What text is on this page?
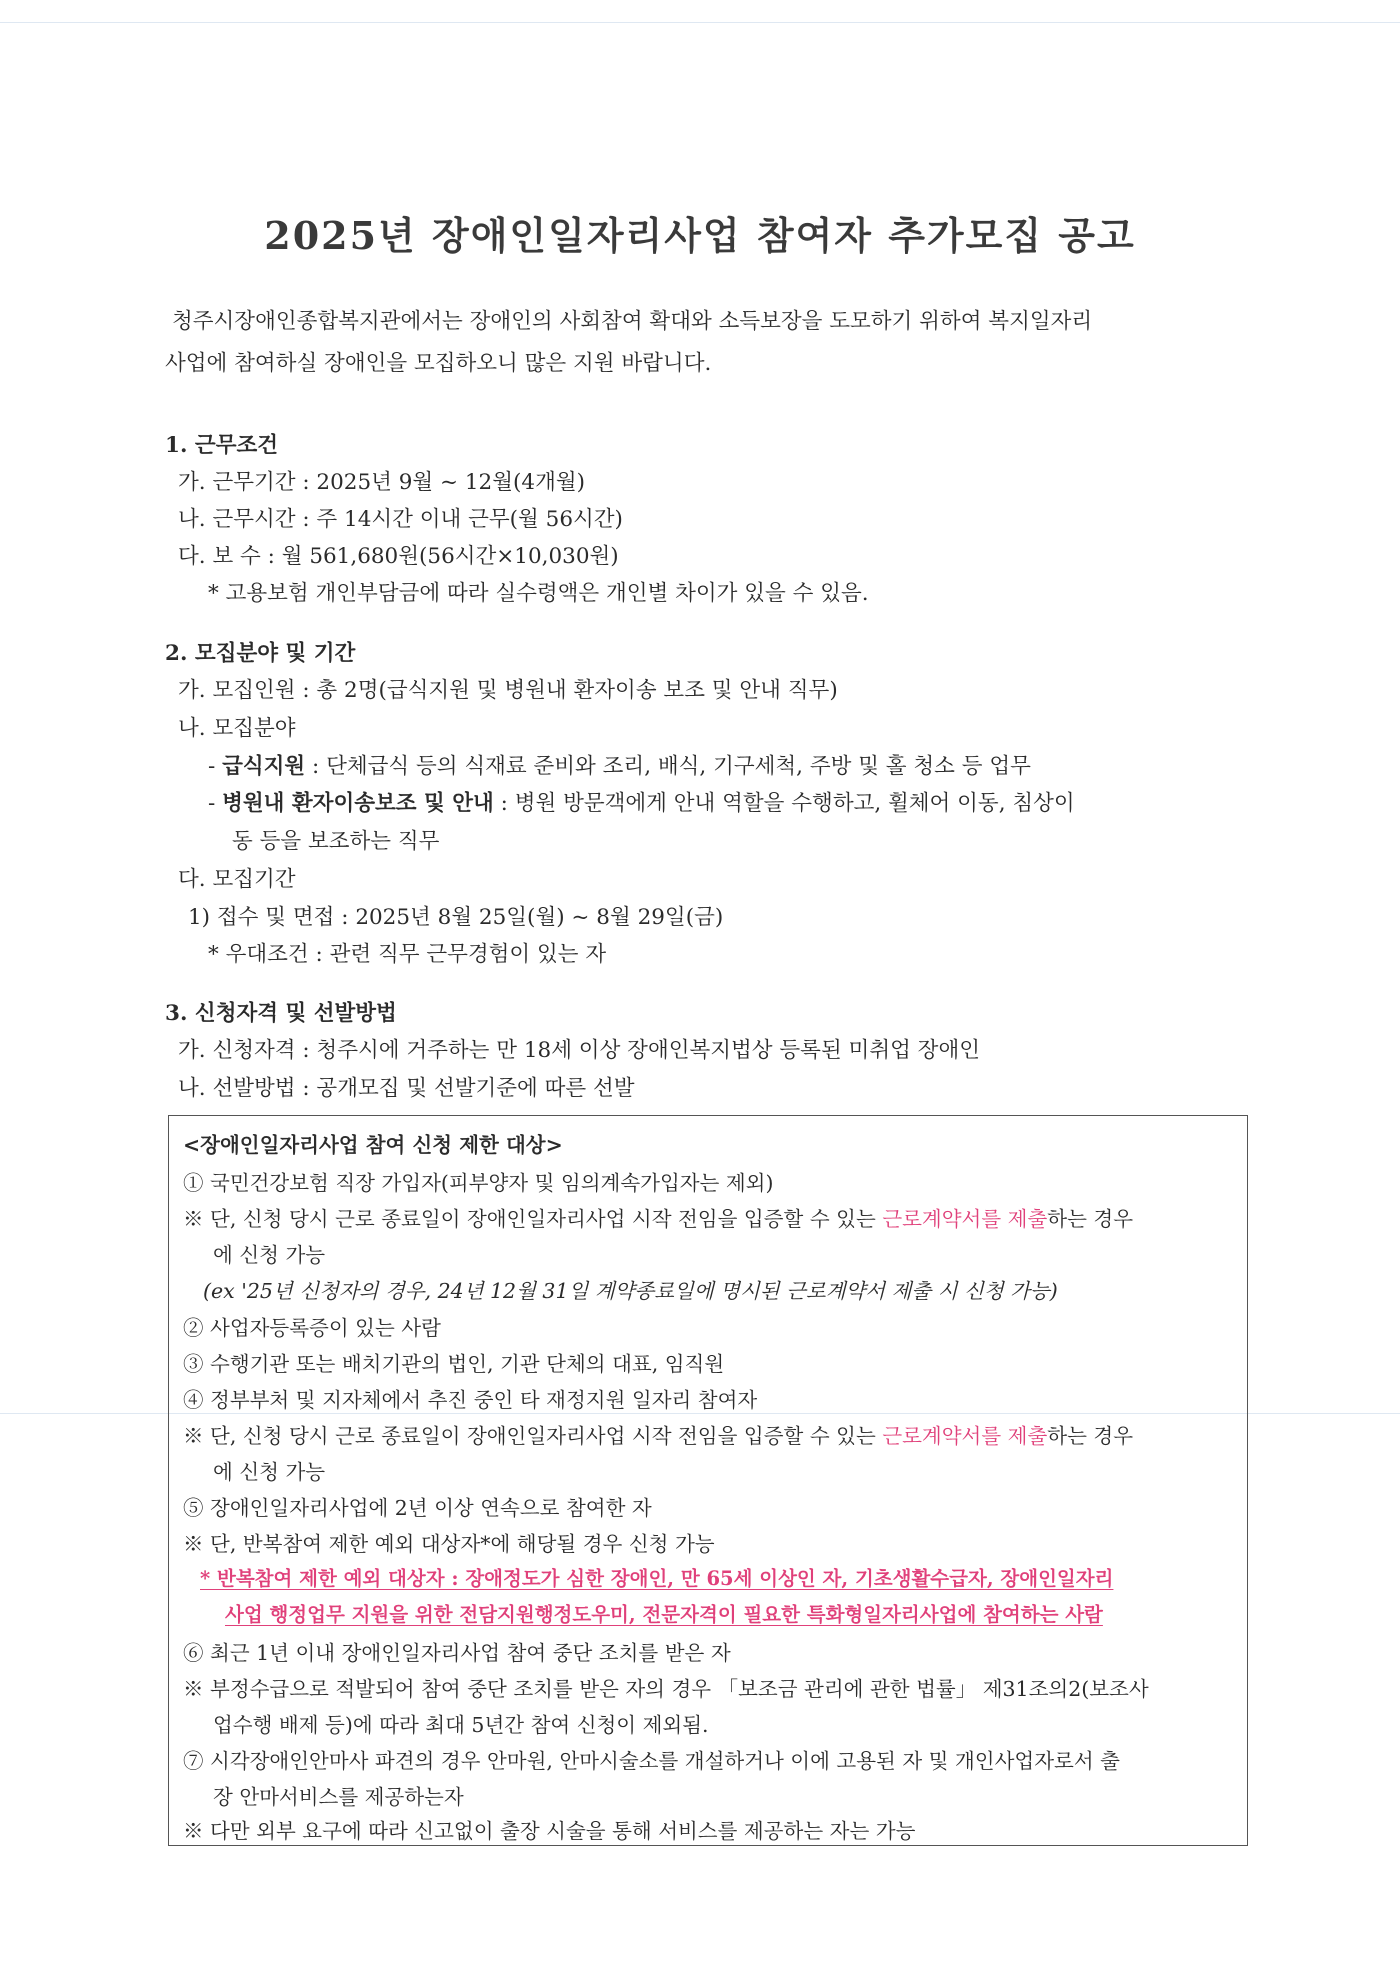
2025년 장애인일자리사업 참여자 추가모집 공고

청주시장애인종합복지관에서는 장애인의 사회참여 확대와 소득보장을 도모하기 위하여 복지일자리

사업에 참여하실 장애인을 모집하오니 많은 지원 바랍니다.

1. 근무조건

가. 근무기간 : 2025년 9월 ~ 12월(4개월)

나. 근무시간 : 주 14시간 이내 근무(월 56시간)

다. 보 수 : 월 561,680원(56시간×10,030원)

* 고용보험 개인부담금에 따라 실수령액은 개인별 차이가 있을 수 있음.

2. 모집분야 및 기간

가. 모집인원 : 총 2명(급식지원 및 병원내 환자이송 보조 및 안내 직무)

나. 모집분야

- 급식지원 : 단체급식 등의 식재료 준비와 조리, 배식, 기구세척, 주방 및 홀 청소 등 업무

- 병원내 환자이송보조 및 안내 : 병원 방문객에게 안내 역할을 수행하고, 휠체어 이동, 침상이

동 등을 보조하는 직무

다. 모집기간

1) 접수 및 면접 : 2025년 8월 25일(월) ~ 8월 29일(금)

* 우대조건 : 관련 직무 근무경험이 있는 자

3. 신청자격 및 선발방법

가. 신청자격 : 청주시에 거주하는 만 18세 이상 장애인복지법상 등록된 미취업 장애인

나. 선발방법 : 공개모집 및 선발기준에 따른 선발

<장애인일자리사업 참여 신청 제한 대상>

① 국민건강보험 직장 가입자(피부양자 및 임의계속가입자는 제외)

※ 단, 신청 당시 근로 종료일이 장애인일자리사업 시작 전임을 입증할 수 있는 근로계약서를 제출하는 경우

에 신청 가능

(ex '25년 신청자의 경우, 24년 12월 31일 계약종료일에 명시된 근로계약서 제출 시 신청 가능)

② 사업자등록증이 있는 사람

③ 수행기관 또는 배치기관의 법인, 기관 단체의 대표, 임직원

④ 정부부처 및 지자체에서 추진 중인 타 재정지원 일자리 참여자

※ 단, 신청 당시 근로 종료일이 장애인일자리사업 시작 전임을 입증할 수 있는 근로계약서를 제출하는 경우

에 신청 가능

⑤ 장애인일자리사업에 2년 이상 연속으로 참여한 자

※ 단, 반복참여 제한 예외 대상자*에 해당될 경우 신청 가능

* 반복참여 제한 예외 대상자 : 장애정도가 심한 장애인, 만 65세 이상인 자, 기초생활수급자, 장애인일자리

사업 행정업무 지원을 위한 전담지원행정도우미, 전문자격이 필요한 특화형일자리사업에 참여하는 사람

⑥ 최근 1년 이내 장애인일자리사업 참여 중단 조치를 받은 자

※ 부정수급으로 적발되어 참여 중단 조치를 받은 자의 경우 「보조금 관리에 관한 법률」 제31조의2(보조사

업수행 배제 등)에 따라 최대 5년간 참여 신청이 제외됨.

⑦ 시각장애인안마사 파견의 경우 안마원, 안마시술소를 개설하거나 이에 고용된 자 및 개인사업자로서 출

장 안마서비스를 제공하는자

※ 다만 외부 요구에 따라 신고없이 출장 시술을 통해 서비스를 제공하는 자는 가능
